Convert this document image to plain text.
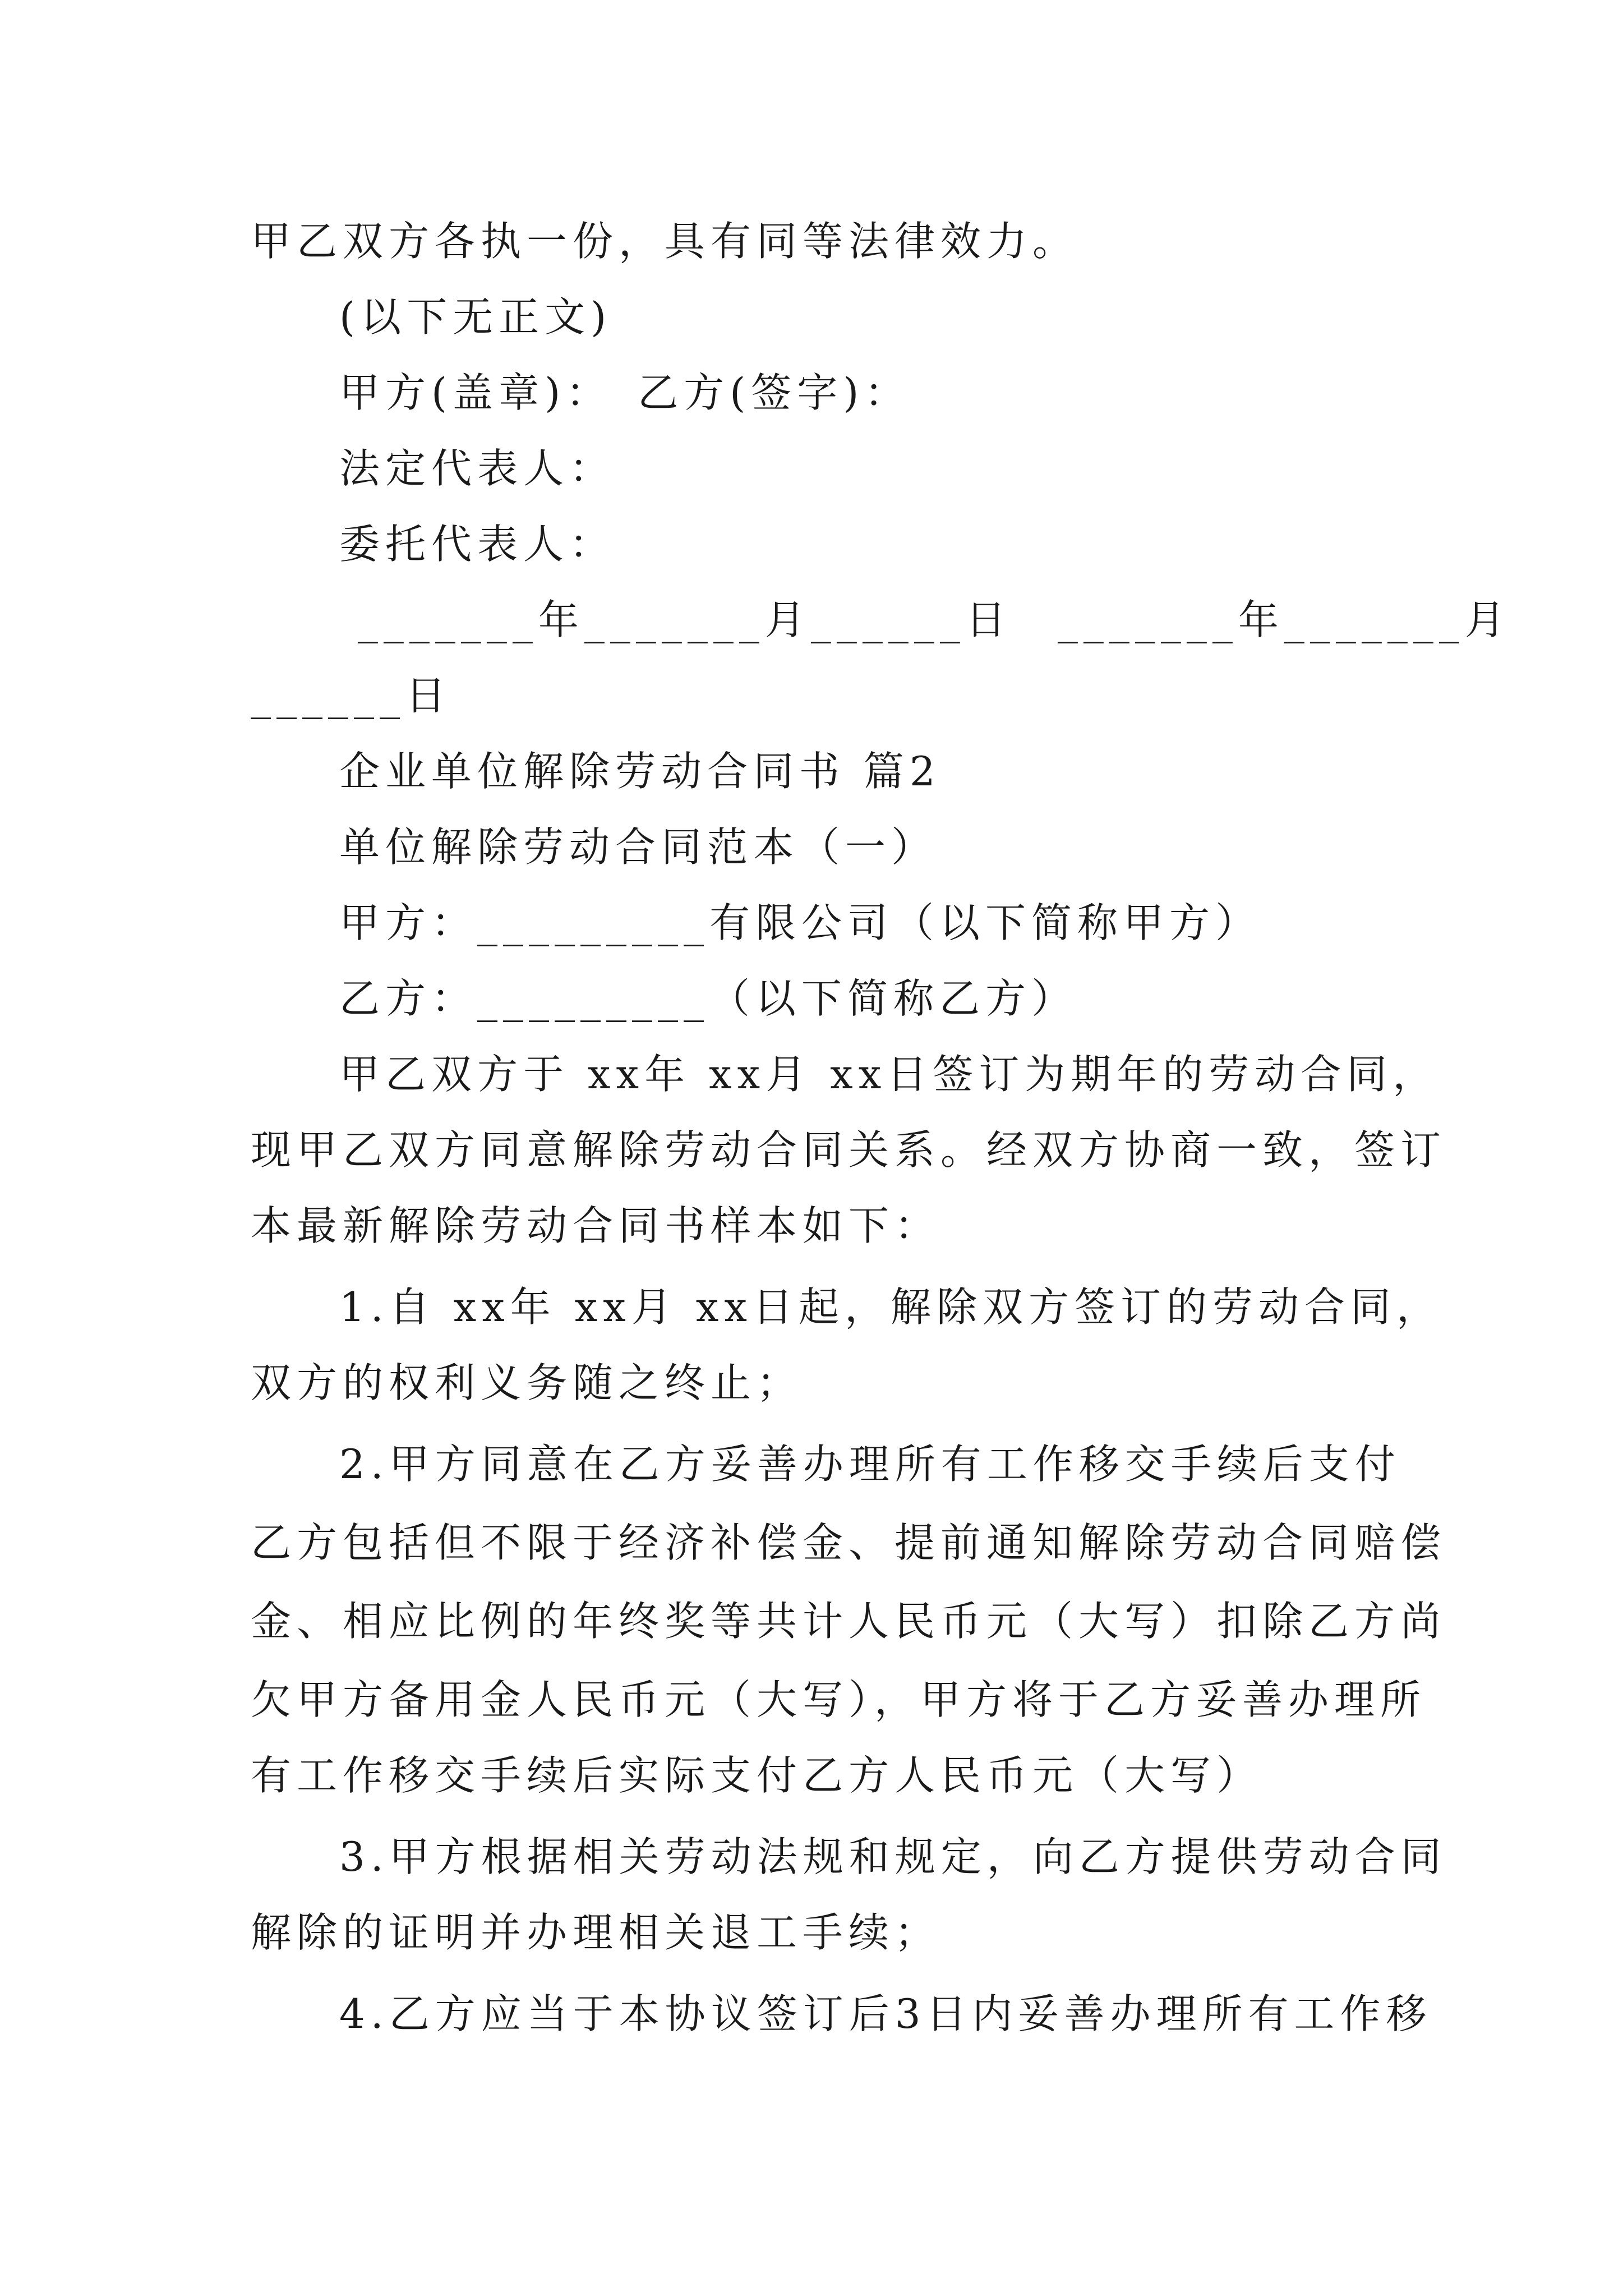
甲乙双方各执一份，具有同等法律效力。

(以下无正文)

甲方(盖章)：　乙方(签字)：

法定代表人：

委托代表人：

_______年_______月______日　_______年_______月

______日

企业单位解除劳动合同书 篇2

单位解除劳动合同范本（一）

甲方：_________有限公司（以下简称甲方）

乙方：_________（以下简称乙方）

甲乙双方于 xx年 xx月 xx日签订为期年的劳动合同，

现甲乙双方同意解除劳动合同关系。经双方协商一致，签订

本最新解除劳动合同书样本如下：

1.自 xx年 xx月 xx日起，解除双方签订的劳动合同，

双方的权利义务随之终止；

2.甲方同意在乙方妥善办理所有工作移交手续后支付

乙方包括但不限于经济补偿金、提前通知解除劳动合同赔偿

金、相应比例的年终奖等共计人民币元（大写）扣除乙方尚

欠甲方备用金人民币元（大写），甲方将于乙方妥善办理所

有工作移交手续后实际支付乙方人民币元（大写）

3.甲方根据相关劳动法规和规定，向乙方提供劳动合同

解除的证明并办理相关退工手续；

4.乙方应当于本协议签订后3日内妥善办理所有工作移
